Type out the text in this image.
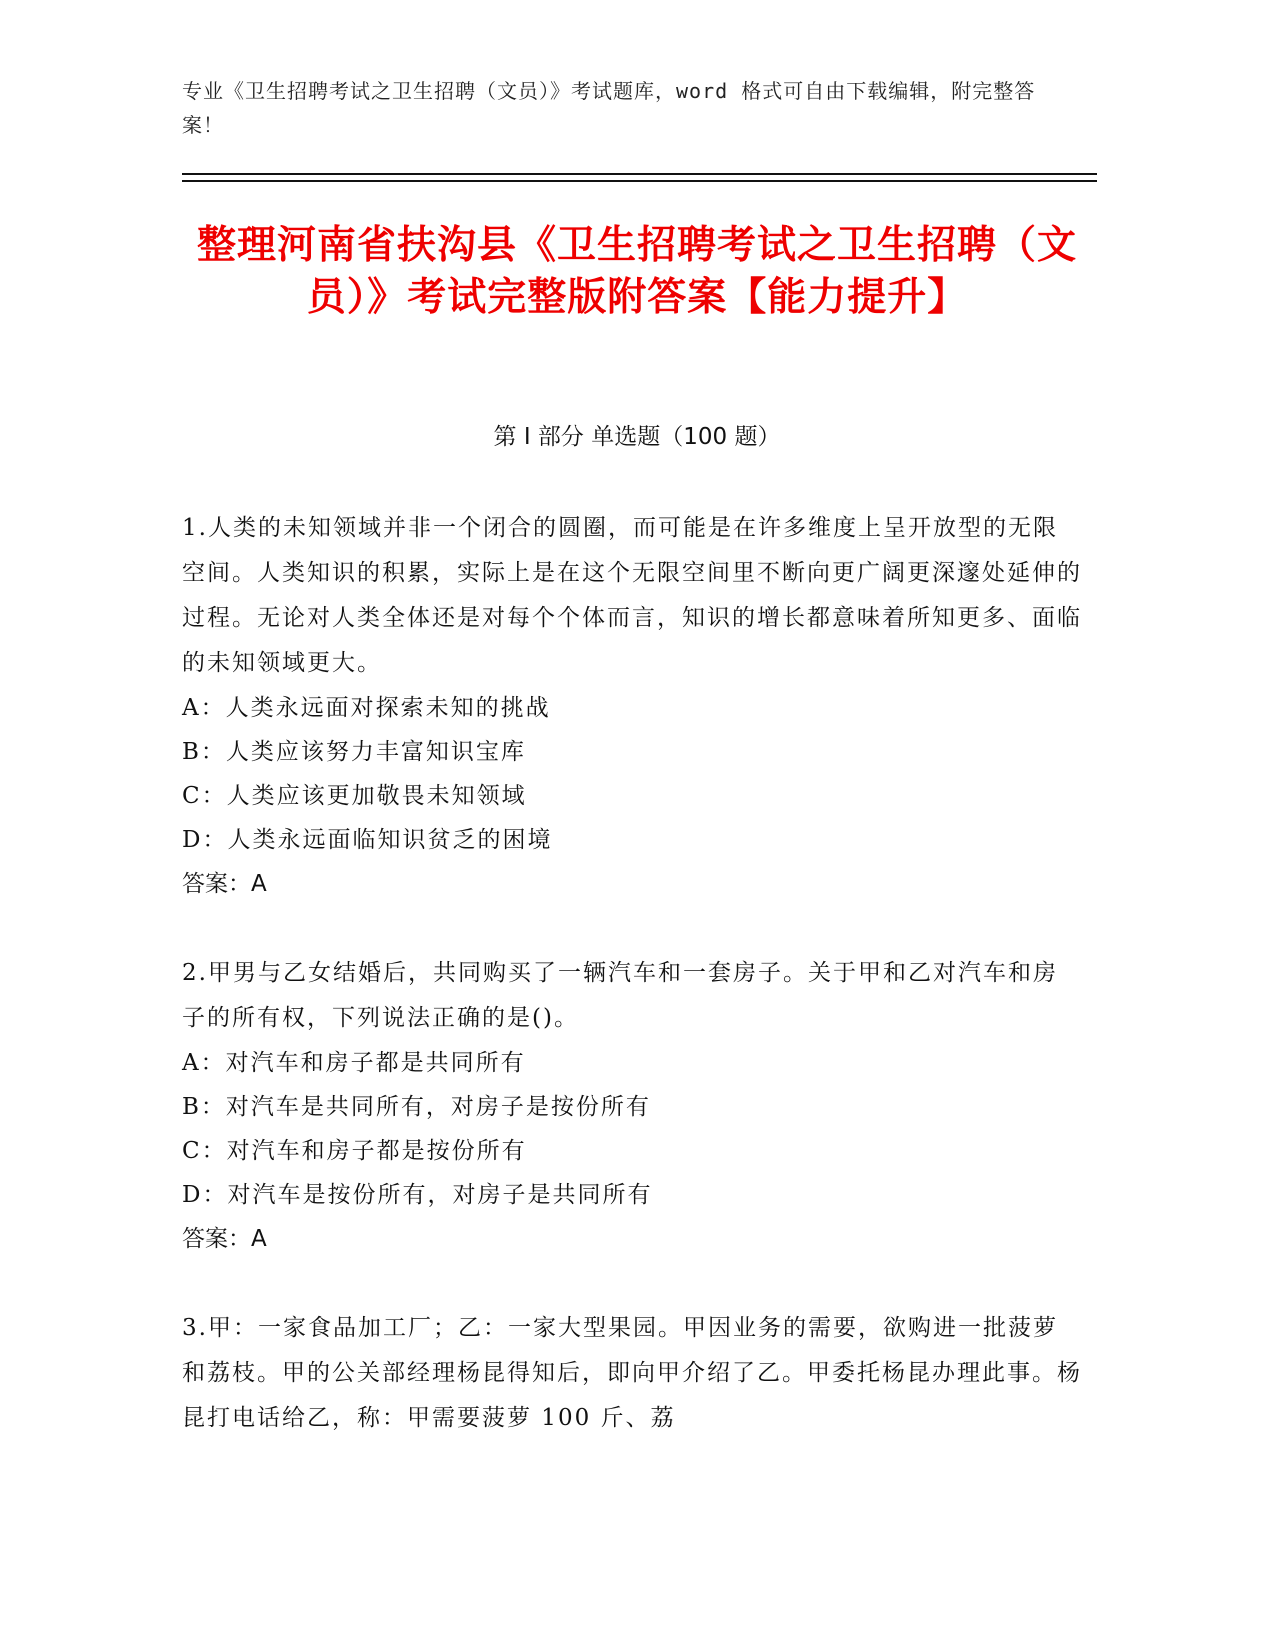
专业《卫生招聘考试之卫生招聘（文员）》考试题库，word 格式可自由下载编辑，附完整答案！
整理河南省扶沟县《卫生招聘考试之卫生招聘（文员）》考试完整版附答案【能力提升】
第 I 部分 单选题（100 题）

1.人类的未知领域并非一个闭合的圆圈，而可能是在许多维度上呈开放型的无限空间。人类知识的积累，实际上是在这个无限空间里不断向更广阔更深邃处延伸的过程。无论对人类全体还是对每个个体而言，知识的增长都意味着所知更多、面临的未知领域更大。

A：人类永远面对探索未知的挑战

B：人类应该努力丰富知识宝库

C：人类应该更加敬畏未知领域

D：人类永远面临知识贫乏的困境

答案：A

2.甲男与乙女结婚后，共同购买了一辆汽车和一套房子。关于甲和乙对汽车和房子的所有权，下列说法正确的是()。

A：对汽车和房子都是共同所有

B：对汽车是共同所有，对房子是按份所有

C：对汽车和房子都是按份所有

D：对汽车是按份所有，对房子是共同所有

答案：A

3.甲：一家食品加工厂；乙：一家大型果园。甲因业务的需要，欲购进一批菠萝和荔枝。甲的公关部经理杨昆得知后，即向甲介绍了乙。甲委托杨昆办理此事。杨昆打电话给乙，称：甲需要菠萝 100 斤、荔
